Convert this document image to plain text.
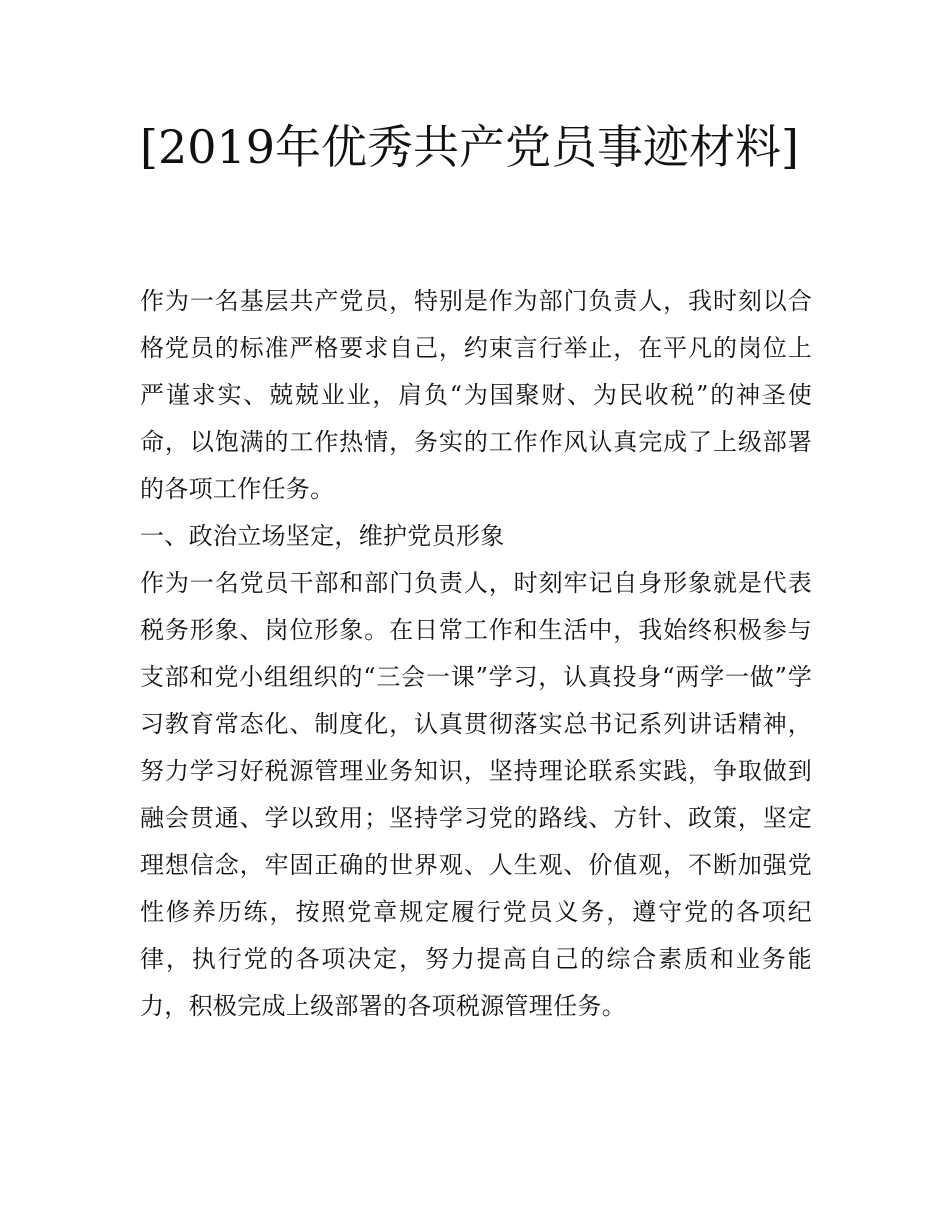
[2019年优秀共产党员事迹材料]

作为一名基层共产党员，特别是作为部门负责人，我时刻以合格党员的标准严格要求自己，约束言行举止，在平凡的岗位上严谨求实、兢兢业业，肩负“为国聚财、为民收税”的神圣使命，以饱满的工作热情，务实的工作作风认真完成了上级部署的各项工作任务。

一、政治立场坚定，维护党员形象

作为一名党员干部和部门负责人，时刻牢记自身形象就是代表税务形象、岗位形象。在日常工作和生活中，我始终积极参与支部和党小组组织的“三会一课”学习，认真投身“两学一做”学习教育常态化、制度化，认真贯彻落实总书记系列讲话精神，努力学习好税源管理业务知识，坚持理论联系实践，争取做到融会贯通、学以致用；坚持学习党的路线、方针、政策，坚定理想信念，牢固正确的世界观、人生观、价值观，不断加强党性修养历练，按照党章规定履行党员义务，遵守党的各项纪律，执行党的各项决定，努力提高自己的综合素质和业务能力，积极完成上级部署的各项税源管理任务。
